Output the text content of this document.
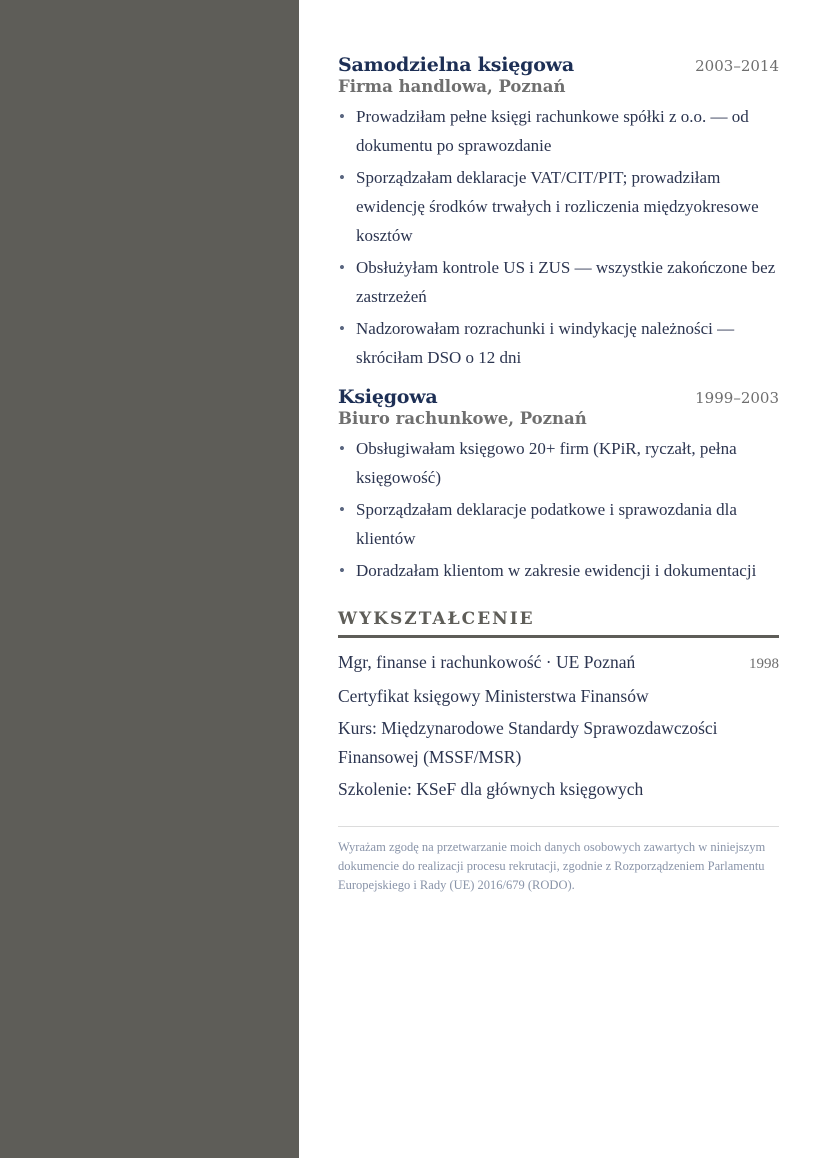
Samodzielna księgowa	2003–2014
Firma handlowa, Poznań
• Prowadziłam pełne księgi rachunkowe spółki z o.o. — od dokumentu po sprawozdanie
• Sporządzałam deklaracje VAT/CIT/PIT; prowadziłam ewidencję środków trwałych i rozliczenia międzyokresowe kosztów
• Obsłużyłam kontrole US i ZUS — wszystkie zakończone bez zastrzeżeń
• Nadzorowałam rozrachunki i windykację należności — skróciłam DSO o 12 dni
Księgowa	1999–2003
Biuro rachunkowe, Poznań
• Obsługiwałam księgowo 20+ firm (KPiR, ryczałt, pełna księgowość)
• Sporządzałam deklaracje podatkowe i sprawozdania dla klientów
• Doradzałam klientom w zakresie ewidencji i dokumentacji
WYKSZTAŁCENIE
Mgr, finanse i rachunkowość · UE Poznań	1998
Certyfikat księgowy Ministerstwa Finansów
Kurs: Międzynarodowe Standardy Sprawozdawczości Finansowej (MSSF/MSR)
Szkolenie: KSeF dla głównych księgowych
Wyrażam zgodę na przetwarzanie moich danych osobowych zawartych w niniejszym dokumencie do realizacji procesu rekrutacji, zgodnie z Rozporządzeniem Parlamentu Europejskiego i Rady (UE) 2016/679 (RODO).
